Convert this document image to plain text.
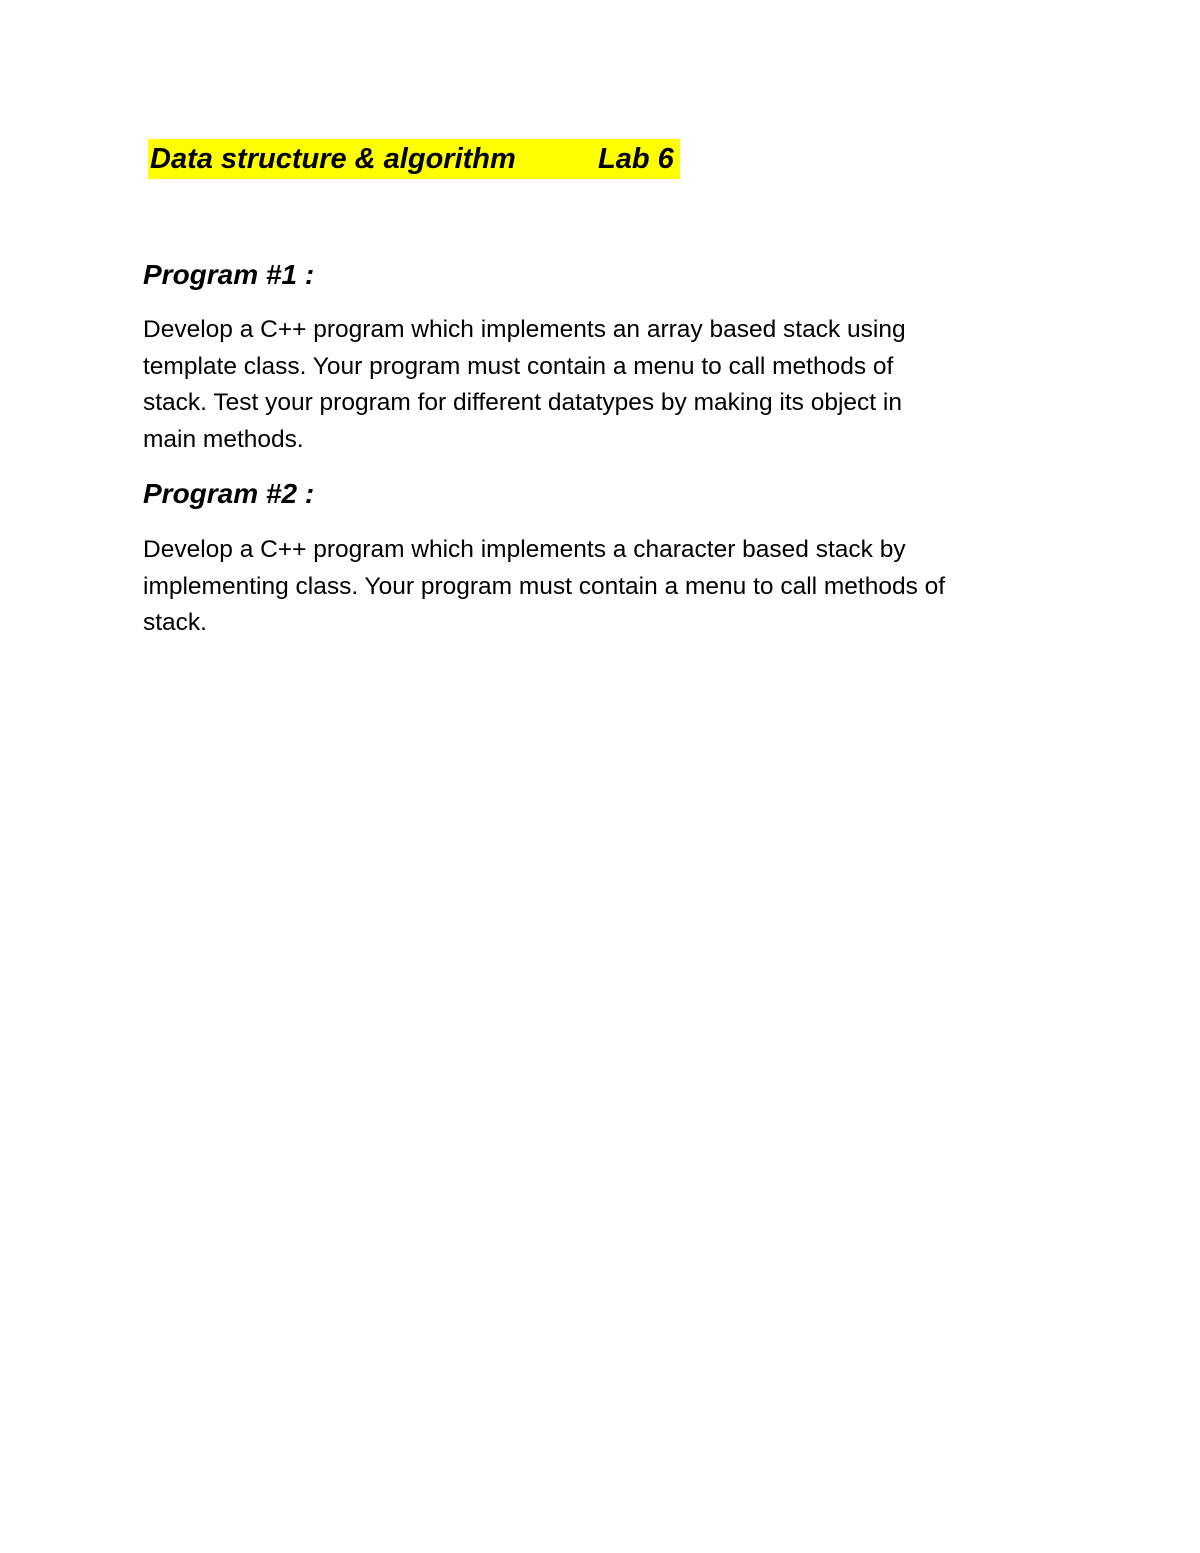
Data structure & algorithm	Lab 6
Program #1 :
Develop a C++ program which implements an array based stack using
template class. Your program must contain a menu to call methods of
stack. Test your program for different datatypes by making its object in
main methods.
Program #2 :
Develop a C++ program which implements a character based stack by
implementing class. Your program must contain a menu to call methods of
stack.
